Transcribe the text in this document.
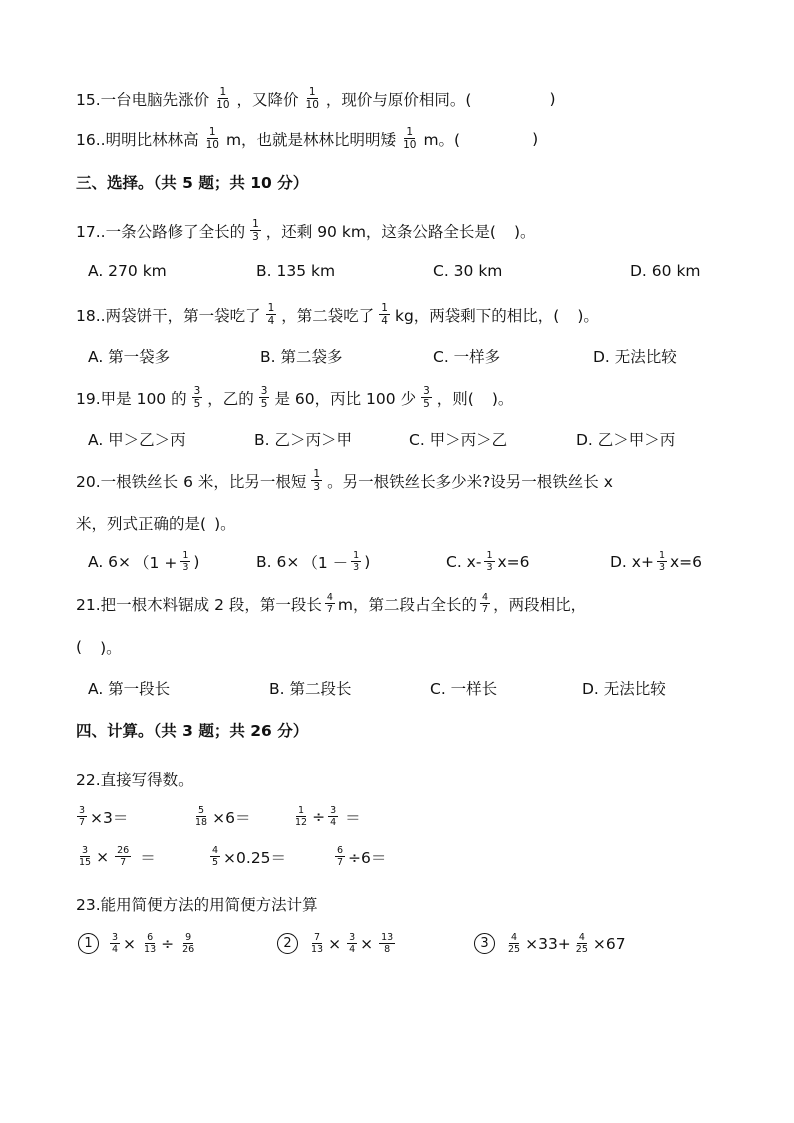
15.一台电脑先涨价 $\frac{1}{10}$ ，又降价 $\frac{1}{10}$ ，现价与原价相同。(	)
16..明明比林林高 $\frac{1}{10}$ m，也就是林林比明明矮 $\frac{1}{10}$ m。(	)
三、选择。（共 5 题；共 10 分）
17..一条公路修了全长的 $\frac{1}{3}$ ，还剩 90 km，这条公路全长是( )。
A. 270 km	B. 135 km	C. 30 km	D. 60 km
18..两袋饼干，第一袋吃了 $\frac{1}{4}$ ，第二袋吃了 $\frac{1}{4}$ kg，两袋剩下的相比，( )。
A. 第一袋多	B. 第二袋多	C. 一样多	D. 无法比较
19.甲是 100 的 $\frac{3}{5}$ ，乙的 $\frac{3}{5}$ 是 60，丙比 100 少 $\frac{3}{5}$ ，则( )。
A. 甲＞乙＞丙	B. 乙＞丙＞甲	C. 甲＞丙＞乙	D. 乙＞甲＞丙
20.一根铁丝长 6 米，比另一根短 $\frac{1}{3}$ 。另一根铁丝长多少米?设另一根铁丝长 x
米，列式正确的是( )。
A. $6\times (1 + \frac{1}{3}$ )	B. $6\times (1 - \frac{1}{3}$ )	C. $x- \frac{1}{3} x=6$	D. $x+ \frac{1}{3} x=6$
21.把一根木料锯成 2 段，第一段长 $\frac{4}{7}$ m，第二段占全长的 $\frac{4}{7}$ ，两段相比，
( )。
A. 第一段长	B. 第二段长	C. 一样长	D. 无法比较
四、计算。（共 3 题；共 26 分）
22.直接写得数。
$\frac{3}{7} \times 3=$	$\frac{5}{18} \times 6=$	$\frac{1}{12} \div \frac{3}{4}$ ＝
$\frac{3}{15} \times \frac{26}{7}$ ＝	$\frac{4}{5} \times 0.25=$	$\frac{6}{7} \div 6=$
23.能用简便方法的用简便方法计算
1	$\frac{3}{4} \times \frac{6}{13} \div \frac{9}{26}$	2	$\frac{7}{13} \times \frac{3}{4} \times \frac{13}{8}$	3	$\frac{4}{25} \times 33+ \frac{4}{25} \times 67$
